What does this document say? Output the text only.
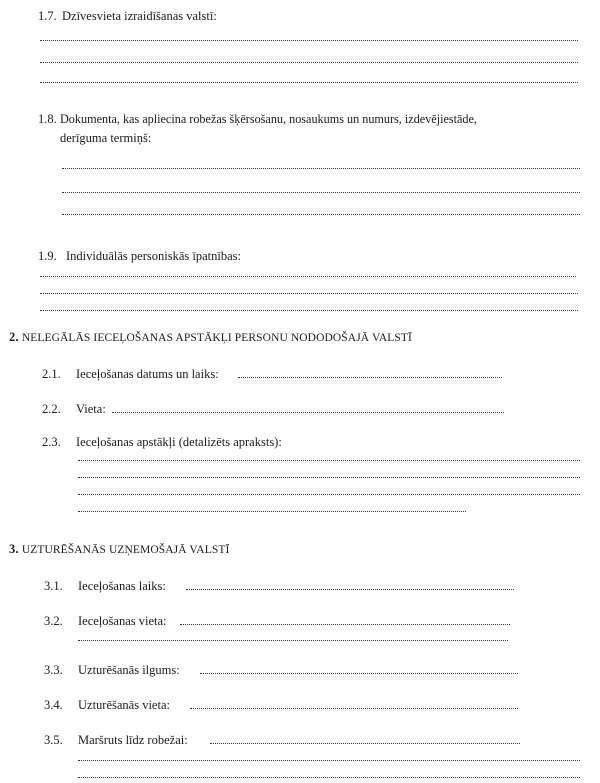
1.7. Dzīvesvieta izraidīšanas valstī:
1.8. Dokumenta, kas apliecina robežas šķērsošanu, nosaukums un numurs, izdevējiestāde,
derīguma termiņš:
1.9. Individuālās personiskās īpatnības:
2. NELEGĀLĀS IECEĻOŠANAS APSTĀKĻI PERSONU NODODOŠAJĀ VALSTĪ
2.1. Ieceļošanas datums un laiks:
2.2. Vieta:
2.3. Ieceļošanas apstākļi (detalizēts apraksts):
3. UZTURĒŠANĀS UZŅEMOŠAJĀ VALSTĪ
3.1. Ieceļošanas laiks:
3.2. Ieceļošanas vieta:
3.3. Uzturēšanās ilgums:
3.4. Uzturēšanās vieta:
3.5. Maršruts līdz robežai:
